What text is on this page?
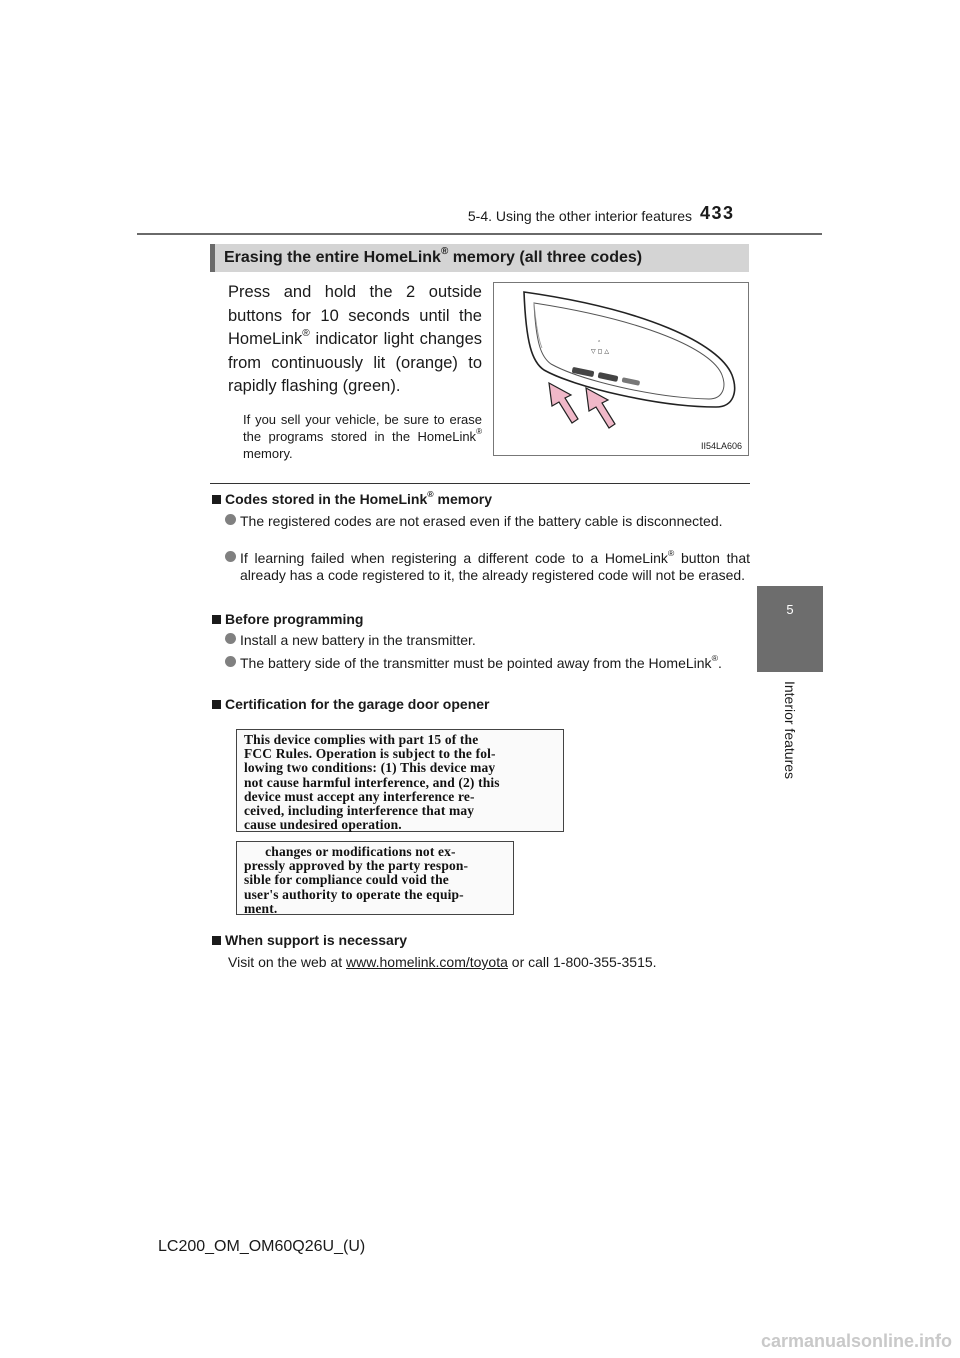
5-4. Using the other interior features 433
5
Interior features
Erasing the entire HomeLink® memory (all three codes)
Press and hold the 2 outside buttons for 10 seconds until the HomeLink® indicator light changes from continuously lit (orange) to rapidly flashing (green).
If you sell your vehicle, be sure to erase the programs stored in the HomeLink® memory.
⌃
▽ ◻ △
II54LA606
Codes stored in the HomeLink® memory
The registered codes are not erased even if the battery cable is disconnected.
If learning failed when registering a different code to a HomeLink® button that already has a code registered to it, the already registered code will not be erased.
Before programming
Install a new battery in the transmitter.
The battery side of the transmitter must be pointed away from the HomeLink®.
Certification for the garage door opener
This device complies with part 15 of the
FCC Rules. Operation is subject to the fol-
lowing two conditions: (1) This device may
not cause harmful interference, and (2) this
device must accept any interference re-
ceived, including interference that may
cause undesired operation.
changes or modifications not ex-
pressly approved by the party respon-
sible for compliance could void the
user's authority to operate the equip-
ment.
When support is necessary
Visit on the web at www.homelink.com/toyota or call 1-800-355-3515.
LC200_OM_OM60Q26U_(U)
carmanualsonline.info
